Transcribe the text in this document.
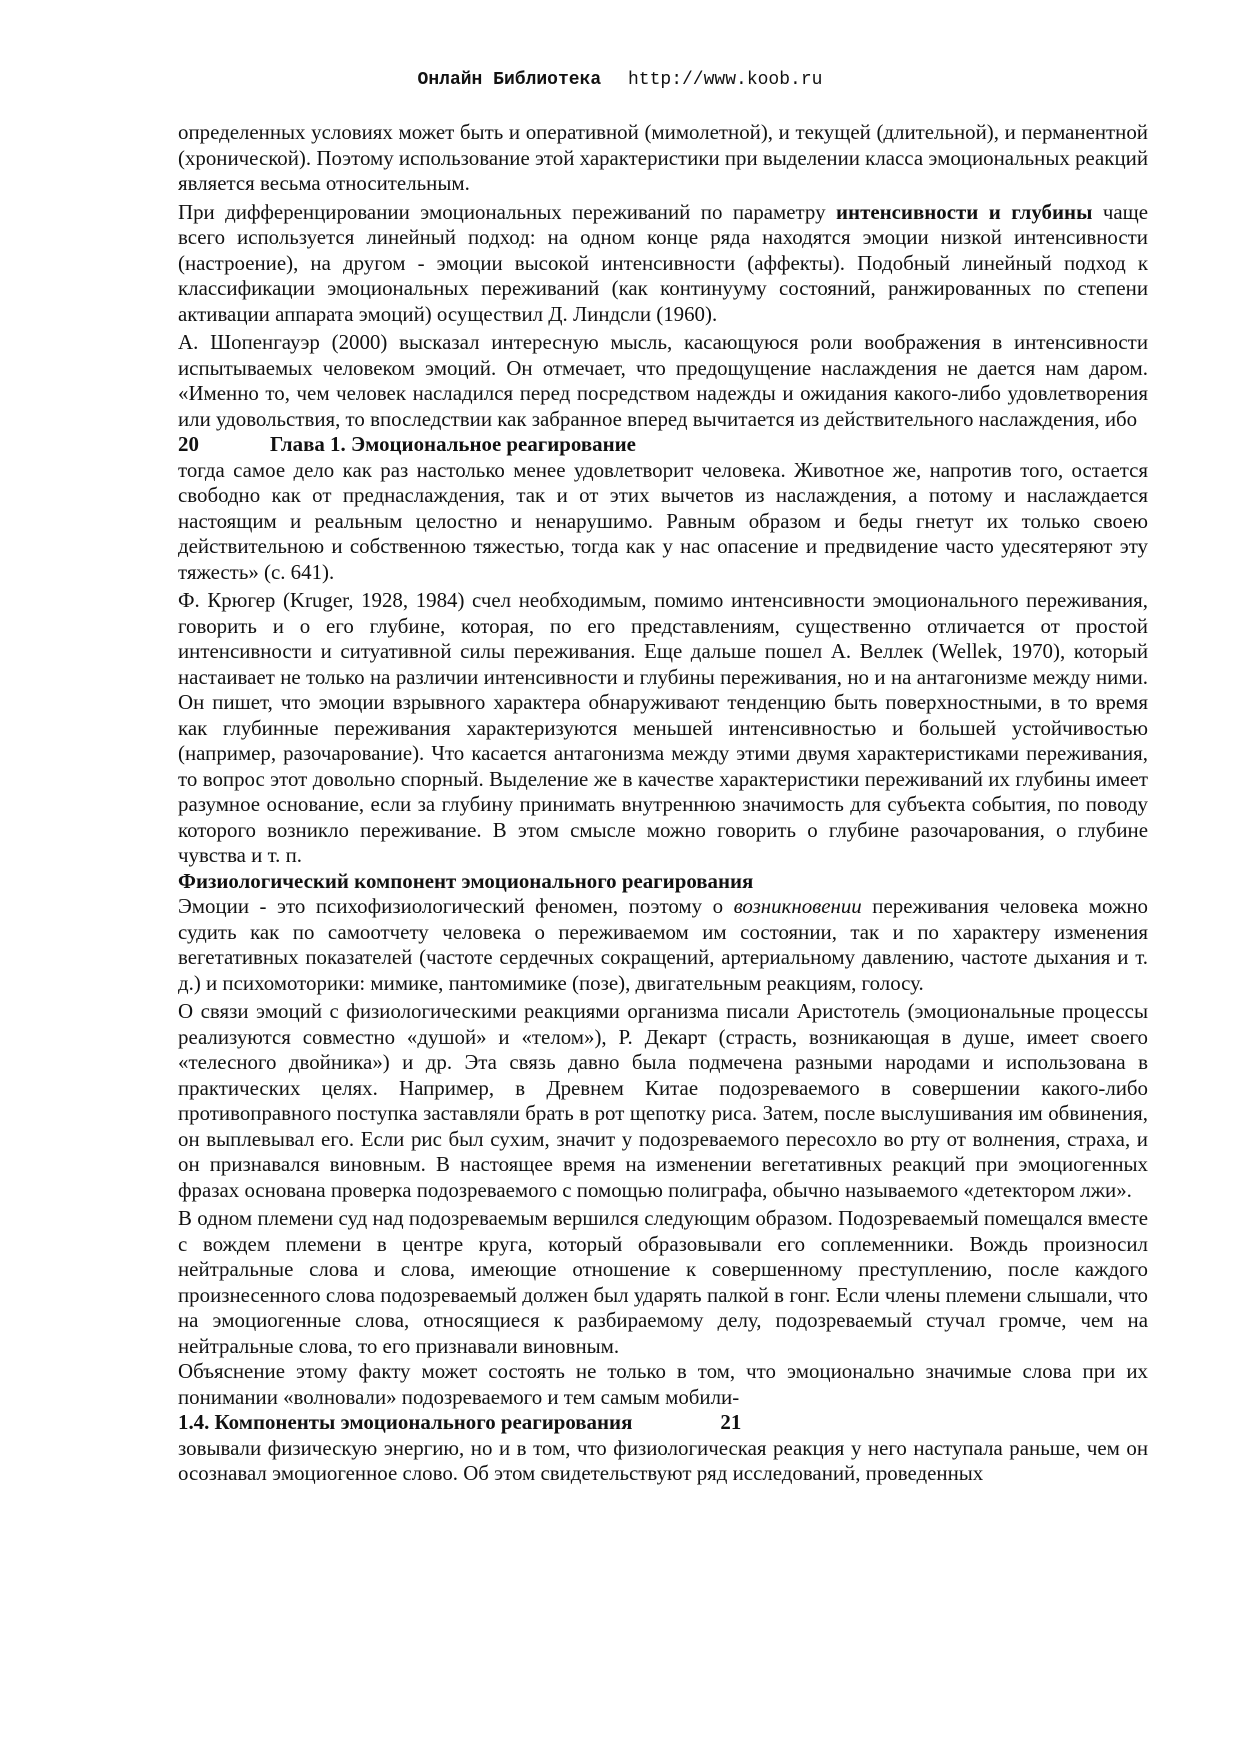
Онлайн Библиотека http://www.koob.ru

определенных условиях может быть и оперативной (мимолетной), и текущей (длительной), и перманентной (хронической). Поэтому использование этой характеристики при выделении класса эмоциональных реакций является весьма относительным.

При дифференцировании эмоциональных переживаний по параметру интенсивности и глубины чаще всего используется линейный подход: на одном конце ряда находятся эмоции низкой интенсивности (настроение), на другом - эмоции высокой интенсивности (аффекты). Подобный линейный подход к классификации эмоциональных переживаний (как континууму состояний, ранжированных по степени активации аппарата эмоций) осуществил Д. Линдсли (1960).

А. Шопенгауэр (2000) высказал интересную мысль, касающуюся роли воображения в интенсивности испытываемых человеком эмоций. Он отмечает, что предощущение наслаждения не дается нам даром. «Именно то, чем человек насладился перед посредством надежды и ожидания какого-либо удовлетворения или удовольствия, то впоследствии как забранное вперед вычитается из действительного наслаждения, ибо

20	Глава 1. Эмоциональное реагирование

тогда самое дело как раз настолько менее удовлетворит человека. Животное же, напротив того, остается свободно как от преднаслаждения, так и от этих вычетов из наслаждения, а потому и наслаждается настоящим и реальным целостно и ненарушимо. Равным образом и беды гнетут их только своею действительною и собственною тяжестью, тогда как у нас опасение и предвидение часто удесятеряют эту тяжесть» (с. 641).

Ф. Крюгер (Kruger, 1928, 1984) счел необходимым, помимо интенсивности эмоционального переживания, говорить и о его глубине, которая, по его представлениям, существенно отличается от простой интенсивности и ситуативной силы переживания. Еще дальше пошел А. Веллек (Wellek, 1970), который настаивает не только на различии интенсивности и глубины переживания, но и на антагонизме между ними. Он пишет, что эмоции взрывного характера обнаруживают тенденцию быть поверхностными, в то время как глубинные переживания характеризуются меньшей интенсивностью и большей устойчивостью (например, разочарование). Что касается антагонизма между этими двумя характеристиками переживания, то вопрос этот довольно спорный. Выделение же в качестве характеристики переживаний их глубины имеет разумное основание, если за глубину принимать внутреннюю значимость для субъекта события, по поводу которого возникло переживание. В этом смысле можно говорить о глубине разочарования, о глубине чувства и т. п.

Физиологический компонент эмоционального реагирования

Эмоции - это психофизиологический феномен, поэтому о возникновении переживания человека можно судить как по самоотчету человека о переживаемом им состоянии, так и по характеру изменения вегетативных показателей (частоте сердечных сокращений, артериальному давлению, частоте дыхания и т. д.) и психомоторики: мимике, пантомимике (позе), двигательным реакциям, голосу.

О связи эмоций с физиологическими реакциями организма писали Аристотель (эмоциональные процессы реализуются совместно «душой» и «телом»), Р. Декарт (страсть, возникающая в душе, имеет своего «телесного двойника») и др. Эта связь давно была подмечена разными народами и использована в практических целях. Например, в Древнем Китае подозреваемого в совершении какого-либо противоправного поступка заставляли брать в рот щепотку риса. Затем, после выслушивания им обвинения, он выплевывал его. Если рис был сухим, значит у подозреваемого пересохло во рту от волнения, страха, и он признавался виновным. В настоящее время на изменении вегетативных реакций при эмоциогенных фразах основана проверка подозреваемого с помощью полиграфа, обычно называемого «детектором лжи».

В одном племени суд над подозреваемым вершился следующим образом. Подозреваемый помещался вместе с вождем племени в центре круга, который образовывали его соплеменники. Вождь произносил нейтральные слова и слова, имеющие отношение к совершенному преступлению, после каждого произнесенного слова подозреваемый должен был ударять палкой в гонг. Если члены племени слышали, что на эмоциогенные слова, относящиеся к разбираемому делу, подозреваемый стучал громче, чем на нейтральные слова, то его признавали виновным.

Объяснение этому факту может состоять не только в том, что эмоционально значимые слова при их понимании «волновали» подозреваемого и тем самым мобили-

1.4. Компоненты эмоционального реагирования	21

зовывали физическую энергию, но и в том, что физиологическая реакция у него наступала раньше, чем он осознавал эмоциогенное слово. Об этом свидетельствуют ряд исследований, проведенных
